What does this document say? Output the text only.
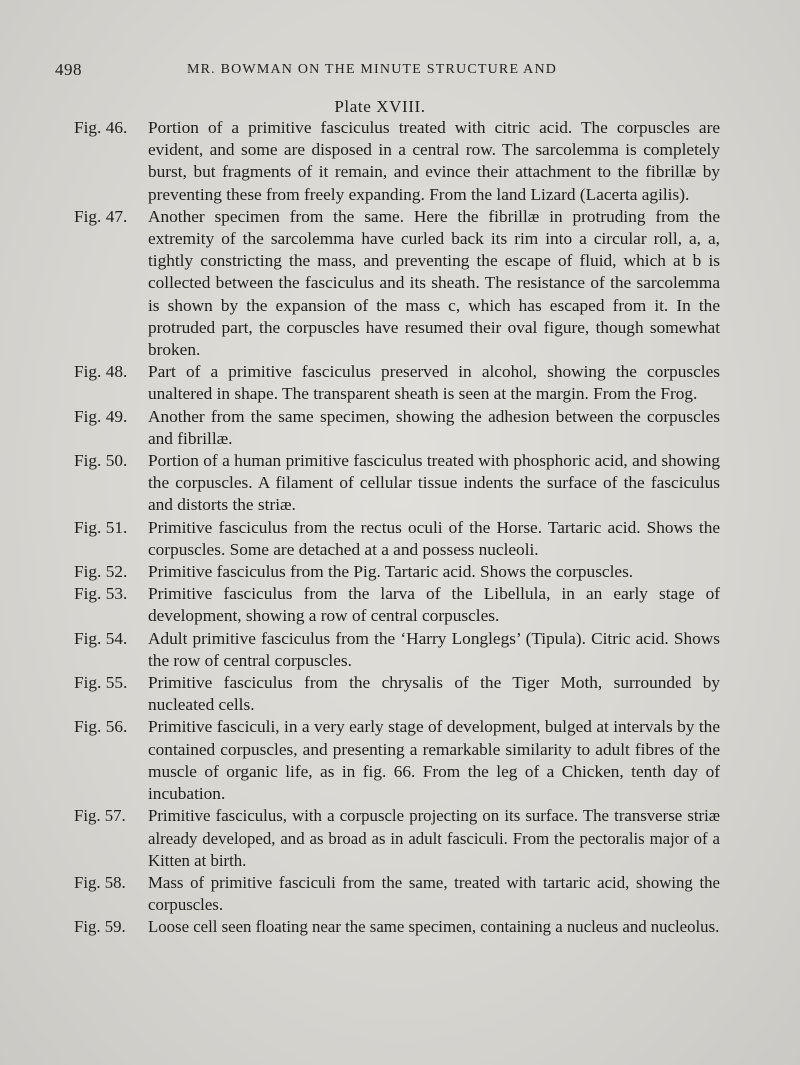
498	MR. BOWMAN ON THE MINUTE STRUCTURE AND
Plate XVIII.

Fig. 46. Portion of a primitive fasciculus treated with citric acid. The corpuscles are evident, and some are disposed in a central row. The sarcolemma is completely burst, but fragments of it remain, and evince their attachment to the fibrillæ by preventing these from freely expanding. From the land Lizard (Lacerta agilis).

Fig. 47. Another specimen from the same. Here the fibrillæ in protruding from the extremity of the sarcolemma have curled back its rim into a circular roll, a, a, tightly constricting the mass, and preventing the escape of fluid, which at b is collected between the fasciculus and its sheath. The resistance of the sarcolemma is shown by the expansion of the mass c, which has escaped from it. In the protruded part, the corpuscles have resumed their oval figure, though somewhat broken.

Fig. 48. Part of a primitive fasciculus preserved in alcohol, showing the corpuscles unaltered in shape. The transparent sheath is seen at the margin. From the Frog.

Fig. 49. Another from the same specimen, showing the adhesion between the corpuscles and fibrillæ.

Fig. 50. Portion of a human primitive fasciculus treated with phosphoric acid, and showing the corpuscles. A filament of cellular tissue indents the surface of the fasciculus and distorts the striæ.

Fig. 51. Primitive fasciculus from the rectus oculi of the Horse. Tartaric acid. Shows the corpuscles. Some are detached at a and possess nucleoli.

Fig. 52. Primitive fasciculus from the Pig. Tartaric acid. Shows the corpuscles.

Fig. 53. Primitive fasciculus from the larva of the Libellula, in an early stage of development, showing a row of central corpuscles.

Fig. 54. Adult primitive fasciculus from the ‘Harry Longlegs’ (Tipula). Citric acid. Shows the row of central corpuscles.

Fig. 55. Primitive fasciculus from the chrysalis of the Tiger Moth, surrounded by nucleated cells.

Fig. 56. Primitive fasciculi, in a very early stage of development, bulged at intervals by the contained corpuscles, and presenting a remarkable similarity to adult fibres of the muscle of organic life, as in fig. 66. From the leg of a Chicken, tenth day of incubation.

Fig. 57. Primitive fasciculus, with a corpuscle projecting on its surface. The transverse striæ already developed, and as broad as in adult fasciculi. From the pectoralis major of a Kitten at birth.

Fig. 58. Mass of primitive fasciculi from the same, treated with tartaric acid, showing the corpuscles.

Fig. 59. Loose cell seen floating near the same specimen, containing a nucleus and nucleolus.
